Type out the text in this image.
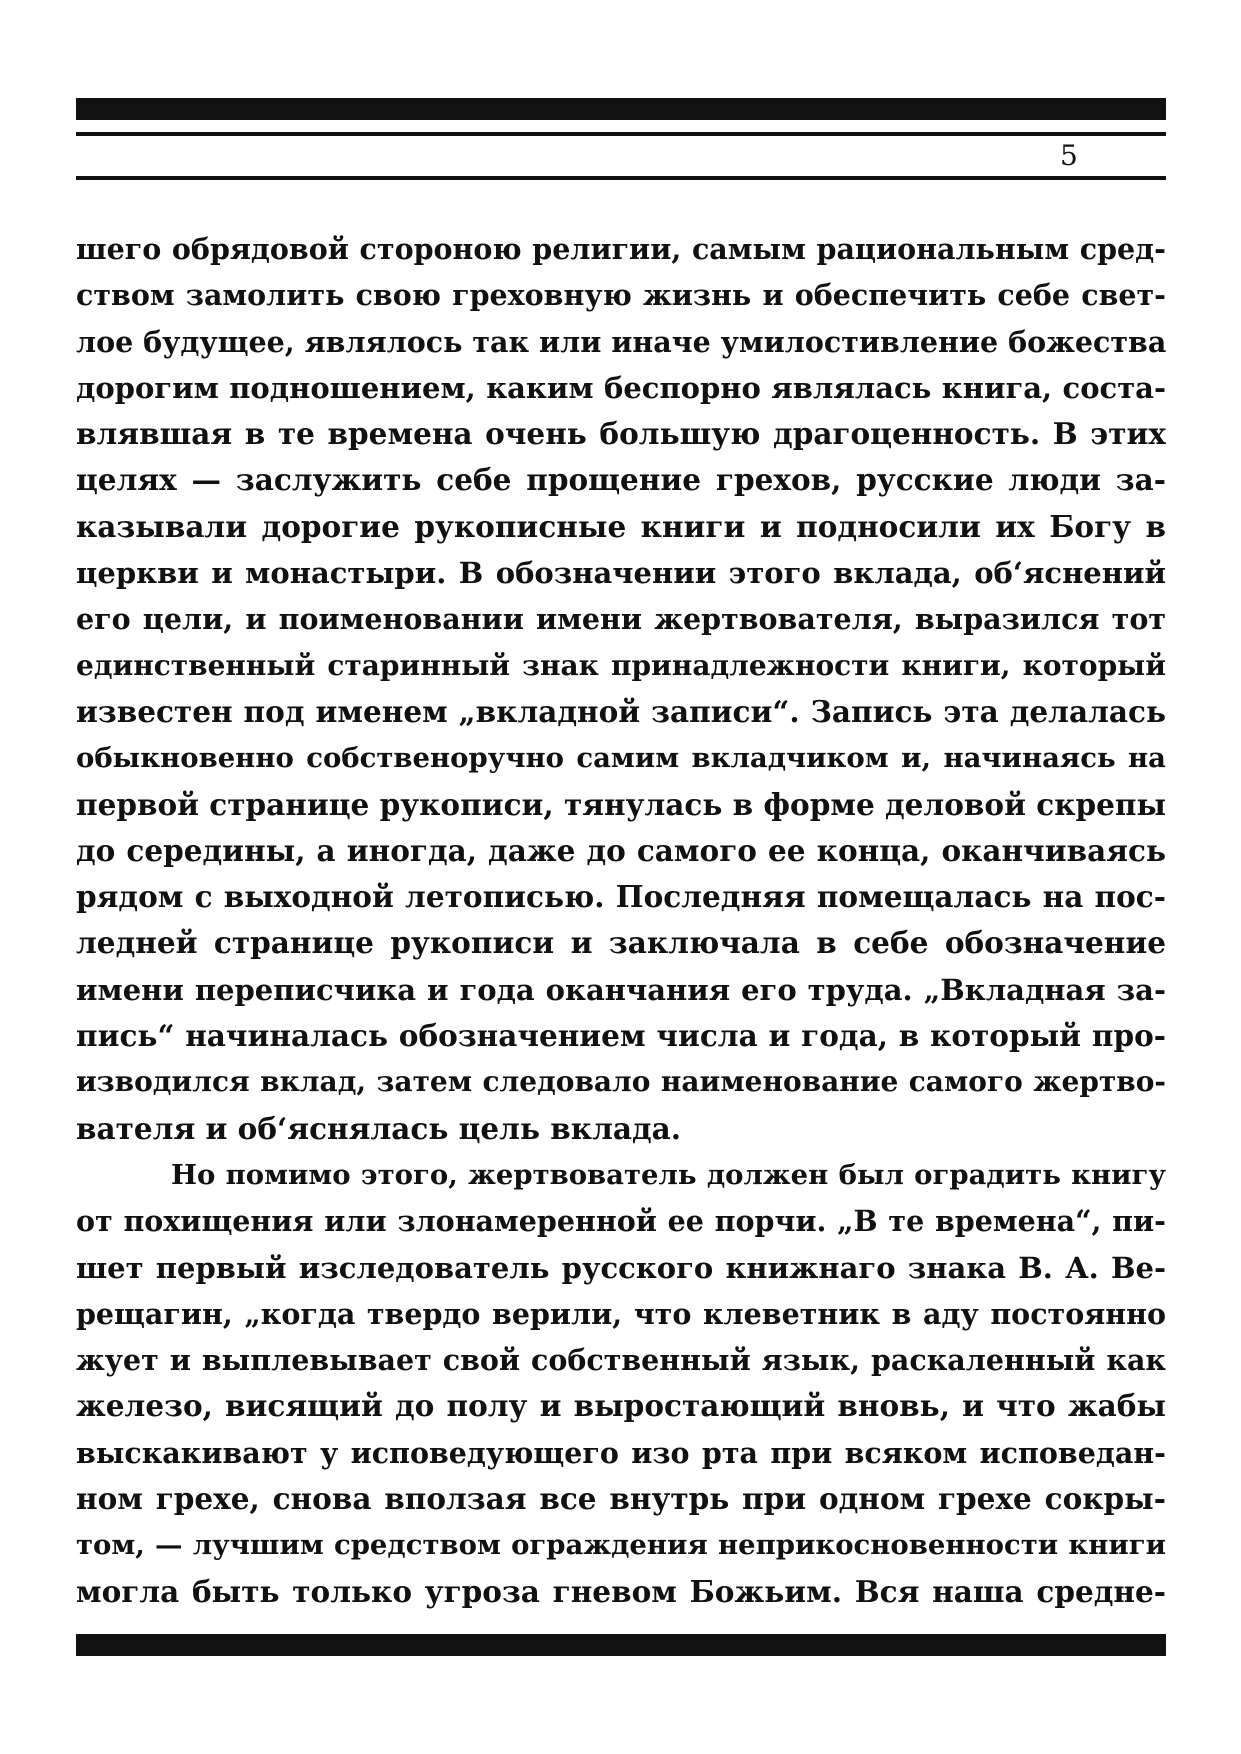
5
шего обрядовой стороною религии, самым рациональным сред-
ством замолить свою греховную жизнь и обеспечить себе свет-
лое будущее, являлось так или иначе умилостивление божества
дорогим подношением, каким беспорно являлась книга, соста-
влявшая в те времена очень большую драгоценность. В этих
целях — заслужить себе прощение грехов, русские люди за-
казывали дорогие рукописные книги и подносили их Богу в
церкви и монастыри. В обозначении этого вклада, об‘яснений
его цели, и поименовании имени жертвователя, выразился тот
единственный старинный знак принадлежности книги, который
известен под именем „вкладной записи“. Запись эта делалась
обыкновенно собственоручно самим вкладчиком и, начинаясь на
первой странице рукописи, тянулась в форме деловой скрепы
до середины, а иногда, даже до самого ее конца, оканчиваясь
рядом с выходной летописью. Последняя помещалась на пос-
ледней странице рукописи и заключала в себе обозначение
имени переписчика и года оканчания его труда. „Вкладная за-
пись“ начиналась обозначением числа и года, в который про-
изводился вклад, затем следовало наименование самого жертво-
вателя и об‘яснялась цель вклада.
Но помимо этого, жертвователь должен был оградить книгу
от похищения или злонамеренной ее порчи. „В те времена“, пи-
шет первый изследователь русского книжнаго знака В. А. Ве-
рещагин, „когда твердо верили, что клеветник в аду постоянно
жует и выплевывает свой собственный язык, раскаленный как
железо, висящий до полу и выростающий вновь, и что жабы
выскакивают у исповедующего изо рта при всяком исповедан-
ном грехе, снова вползая все внутрь при одном грехе сокры-
том, — лучшим средством ограждения неприкосновенности книги
могла быть только угроза гневом Божьим. Вся наша средне-
